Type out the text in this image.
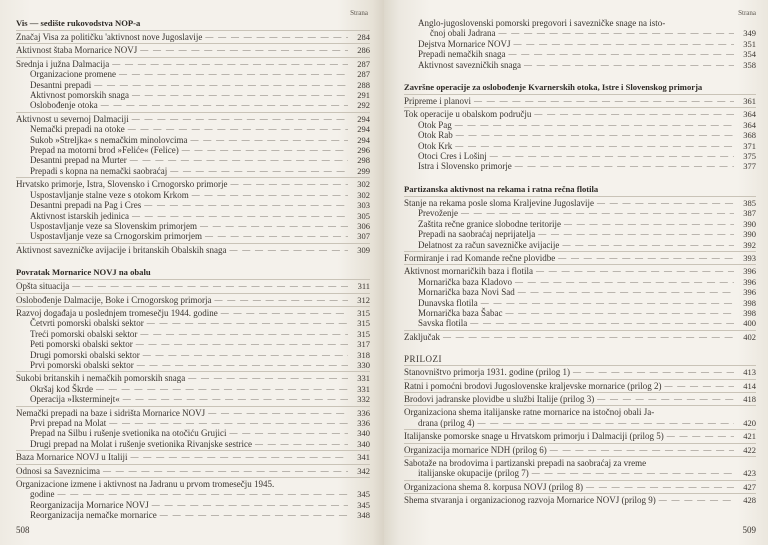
Strana
Vis — sedište rukovodstva NOP-a
Značaj Visa za političku 'aktivnost nove Jugoslavije — — —	284
Aktivnost štaba Mornarice NOVJ — — —	286
Srednja i južna Dalmacija — — —	287
Organizacione promene — — —	287
Desantni prepadi — — —	288
Aktivnost pomorskih snaga — — —	291
Oslobođenje otoka — — —	292
Aktivnost u severnoj Dalmaciji — — —	294
Nemački prepadi na otoke — — —	294
Sukob »Streljka« s nemačkim minolovcima — — —	294
Prepad na motorni brod »Feliće« (Felice) — — —	296
Desantni prepad na Murter — — —	298
Prepadi s kopna na nemački saobraćaj — — —	299
Hrvatsko primorje, Istra, Slovensko i Crnogorsko primorje — — —	302
Uspostavljanje stalne veze s otokom Krkom — — —	302
Desantni prepadi na Pag i Cres — — —	303
Aktivnost istarskih jedinica — — —	305
Uspostavljanje veze sa Slovenskim primorjem — — —	306
Uspostavljanje veze sa Crnogorskim primorjem — — —	307
Aktivnost savezničke avijacije i britanskih Obalskih snaga — — —	309
Povratak Mornarice NOVJ na obalu
Opšta situacija — — —	311
Oslobođenje Dalmacije, Boke i Crnogorskog primorja — — —	312
Razvoj događaja u poslednjem tromesečju 1944. godine — — —	315
Četvrti pomorski obalski sektor — — —	315
Treći pomorski obalski sektor — — —	315
Peti pomorski obalski sektor — — —	317
Drugi pomorski obalski sektor — — —	318
Prvi pomorski obalski sektor — — —	330
Sukobi britanskih i nemačkih pomorskih snaga — — —	331
Okršaj kod Škrde — — —	331
Operacija »Iksterminejt« — — —	332
Nemački prepadi na baze i sidrišta Mornarice NOVJ — — —	336
Prvi prepad na Molat — — —	336
Prepad na Silbu i rušenje svetionika na otočiću Grujici — — —	340
Drugi prepad na Molat i rušenje svetionika Rivanjske sestrice — — —	340
Baza Mornarice NOVJ u Italiji — — —	341
Odnosi sa Saveznicima — — —	342
Organizacione izmene i aktivnost na Jadranu u prvom tromesečju 1945.
godine — — —	345
Reorganizacija Mornarice NOVJ — — —	345
Reorganizacija nemačke mornarice — — —	348
508
Strana
Anglo-jugoslovenski pomorski pregovori i savezničke snage na isto-
čnoj obali Jadrana — — —	349
Dejstva Mornarice NOVJ — — —	351
Prepadi nemačkih snaga — — —	354
Aktivnost savezničkih snaga — — —	358
Završne operacije za oslobođenje Kvarnerskih otoka, Istre i Slovenskog primorja
Pripreme i planovi — — —	361
Tok operacije u obalskom području — — —	364
Otok Pag — — —	364
Otok Rab — — —	368
Otok Krk — — —	371
Otoci Cres i Lošinj — — —	375
Istra i Slovensko primorje — — —	377
Partizanska aktivnost na rekama i ratna rečna flotila
Stanje na rekama posle sloma Kraljevine Jugoslavije — — —	385
Prevoženje — — —	387
Zaštita rečne granice slobodne teritorije — — —	390
Prepadi na saobraćaj neprijatelja — — —	390
Delatnost za račun savezničke avijacije — — —	392
Formiranje i rad Komande rečne plovidbe — — —	393
Aktivnost mornaričkih baza i flotila — — —	396
Mornarička baza Kladovo — — —	396
Mornarička baza Novi Sad — — —	396
Dunavska flotila — — —	398
Mornarička baza Šabac — — —	398
Savska flotila — — —	400
Zaključak — — —	402
PRILOZI
Stanovništvo primorja 1931. godine (prilog 1) — — —	413
Ratni i pomoćni brodovi Jugoslovenske kraljevske mornarice (prilog 2) — — —	414
Brodovi jadranske plovidbe u službi Italije (prilog 3) — — —	418
Organizaciona shema italijanske ratne mornarice na istočnoj obali Ja-
drana (prilog 4) — — —	420
Italijanske pomorske snage u Hrvatskom primorju i Dalmaciji (prilog 5) — — —	421
Organizacija mornarice NDH (prilog 6) — — —	422
Sabotaže na brodovima i partizanski prepadi na saobraćaj za vreme
italijanske okupacije (prilog 7) — — —	423
Organizaciona shema 8. korpusa NOVJ (prilog 8) — — —	427
Shema stvaranja i organizacionog razvoja Mornarice NOVJ (prilog 9) — — —	428
509
